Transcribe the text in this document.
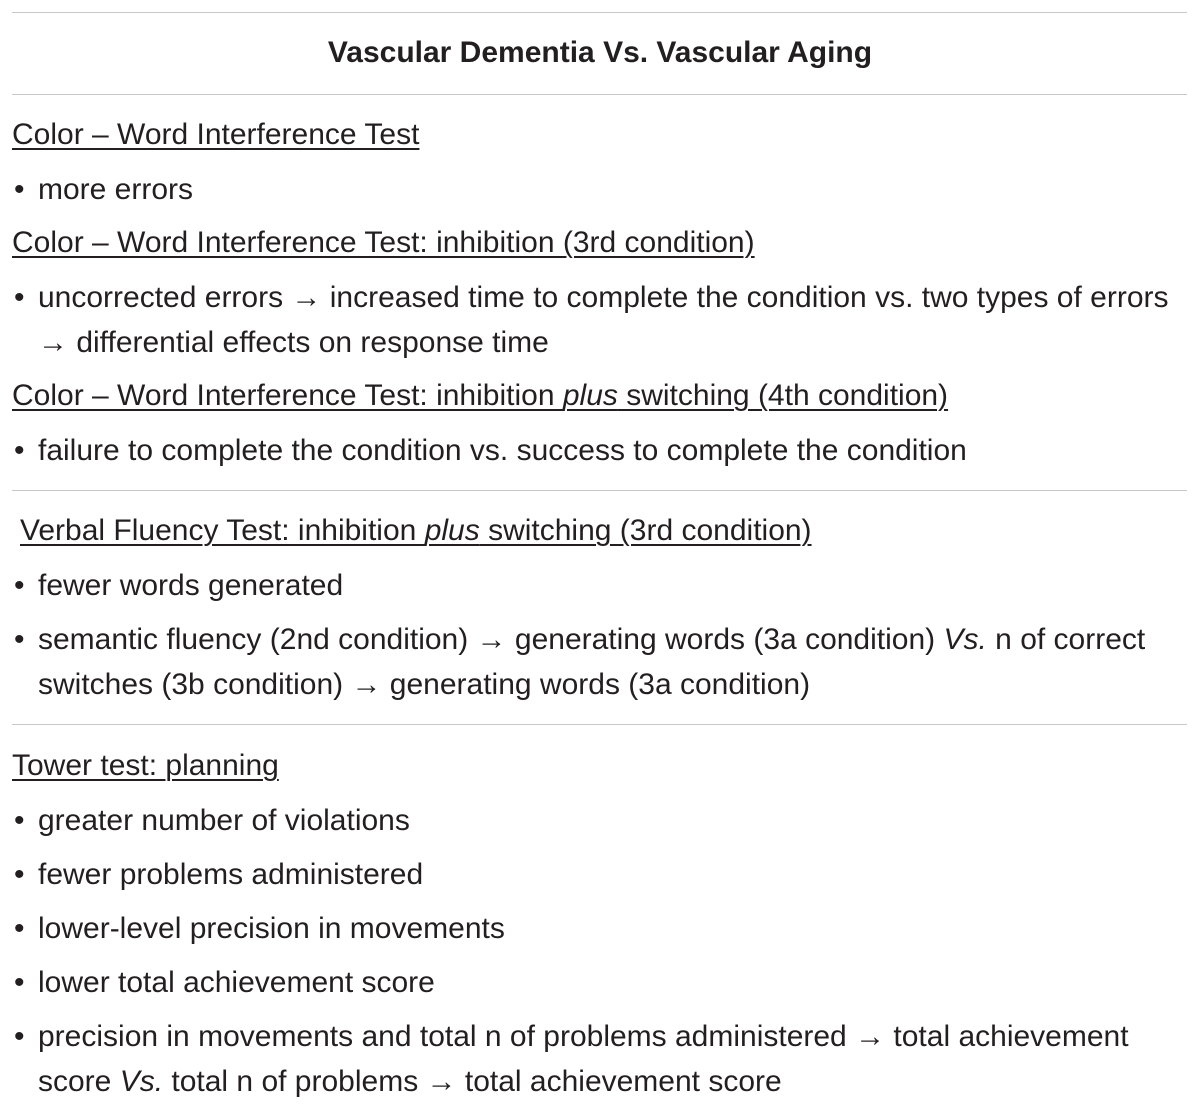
Vascular Dementia Vs. Vascular Aging
Color – Word Interference Test
• more errors
Color – Word Interference Test: inhibition (3rd condition)
• uncorrected errors → increased time to complete the condition vs. two types of errors → differential effects on response time
Color – Word Interference Test: inhibition plus switching (4th condition)
• failure to complete the condition vs. success to complete the condition
Verbal Fluency Test: inhibition plus switching (3rd condition)
• fewer words generated
• semantic fluency (2nd condition) → generating words (3a condition) Vs. n of correct switches (3b condition) → generating words (3a condition)
Tower test: planning
• greater number of violations
• fewer problems administered
• lower-level precision in movements
• lower total achievement score
• precision in movements and total n of problems administered → total achievement score Vs. total n of problems → total achievement score
